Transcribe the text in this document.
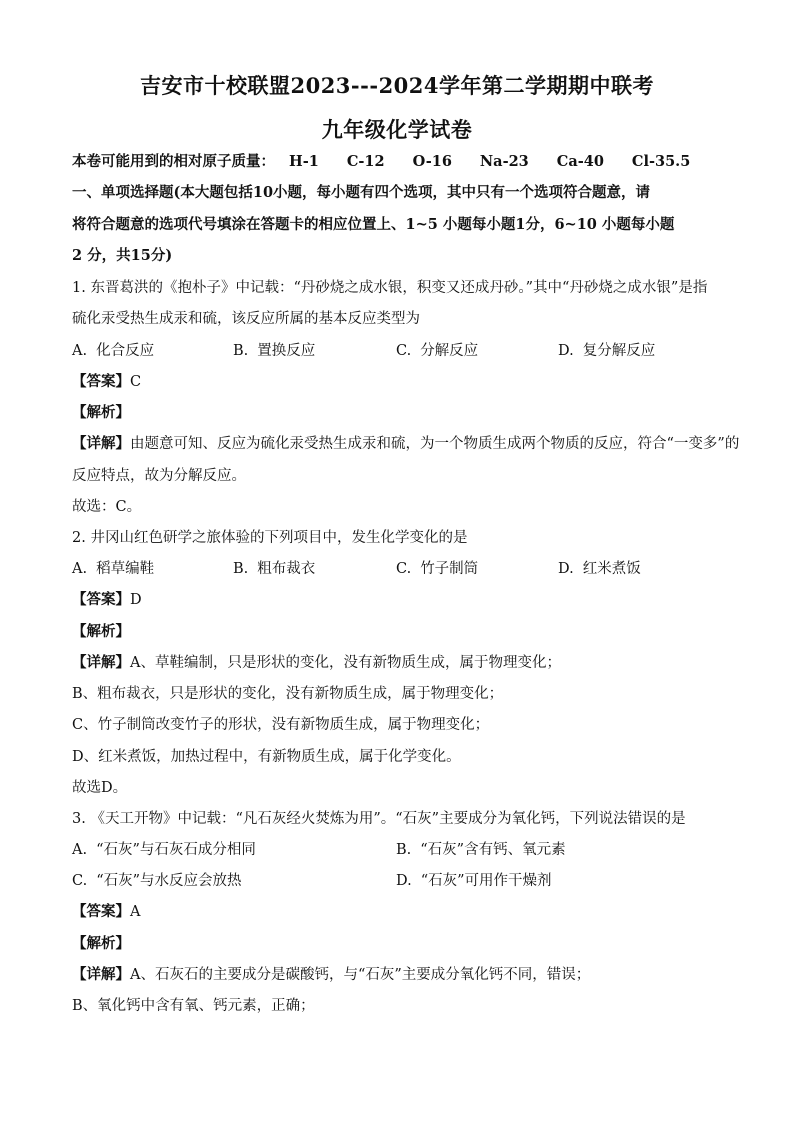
吉安市十校联盟2023---2024学年第二学期期中联考
九年级化学试卷
本卷可能用到的相对原子质量： H-1 C-12 O-16 Na-23 Ca-40 Cl-35.5
一、单项选择题(本大题包括10小题，每小题有四个选项，其中只有一个选项符合题意，请
将符合题意的选项代号填涂在答题卡的相应位置上、1~5 小题每小题1分，6~10 小题每小题
2 分，共15分)
1. 东晋葛洪的《抱朴子》中记载：“丹砂烧之成水银，积变又还成丹砂。”其中“丹砂烧之成水银”是指
硫化汞受热生成汞和硫，该反应所属的基本反应类型为
A. 化合反应	B. 置换反应	C. 分解反应	D. 复分解反应
【答案】C
【解析】
【详解】由题意可知、反应为硫化汞受热生成汞和硫，为一个物质生成两个物质的反应，符合“一变多”的
反应特点，故为分解反应。
故选：C。
2. 井冈山红色研学之旅体验的下列项目中，发生化学变化的是
A. 稻草编鞋	B. 粗布裁衣	C. 竹子制筒	D. 红米煮饭
【答案】D
【解析】
【详解】A、草鞋编制，只是形状的变化，没有新物质生成，属于物理变化；
B、粗布裁衣，只是形状的变化，没有新物质生成，属于物理变化；
C、竹子制筒改变竹子的形状，没有新物质生成，属于物理变化；
D、红米煮饭，加热过程中，有新物质生成，属于化学变化。
故选D。
3. 《天工开物》中记载：“凡石灰经火焚炼为用”。“石灰”主要成分为氧化钙，下列说法错误的是
A. “石灰”与石灰石成分相同	B. “石灰”含有钙、氧元素
C. “石灰”与水反应会放热	D. “石灰”可用作干燥剂
【答案】A
【解析】
【详解】A、石灰石的主要成分是碳酸钙，与“石灰”主要成分氧化钙不同，错误；
B、氧化钙中含有氧、钙元素，正确；
